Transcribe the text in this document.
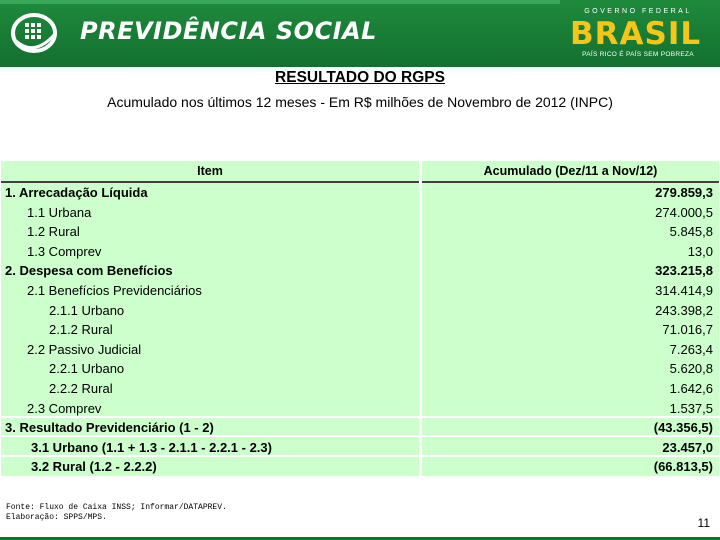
PREVIDÊNCIA SOCIAL
GOVERNO FEDERAL
BRASIL
PAÍS RICO É PAÍS SEM POBREZA
RESULTADO DO RGPS
Acumulado nos últimos 12 meses - Em R$ milhões de Novembro de 2012 (INPC)
Item	Acumulado (Dez/11 a Nov/12)
1. Arrecadação Líquida	279.859,3
1.1 Urbana	274.000,5
1.2 Rural	5.845,8
1.3 Comprev	13,0
2. Despesa com Benefícios	323.215,8
2.1 Benefícios Previdenciários	314.414,9
2.1.1 Urbano	243.398,2
2.1.2 Rural	71.016,7
2.2 Passivo Judicial	7.263,4
2.2.1 Urbano	5.620,8
2.2.2 Rural	1.642,6
2.3 Comprev	1.537,5
3. Resultado Previdenciário (1 - 2)	(43.356,5)
3.1 Urbano (1.1 + 1.3 - 2.1.1 - 2.2.1 - 2.3)	23.457,0
3.2 Rural (1.2 - 2.2.2)	(66.813,5)
Fonte: Fluxo de Caixa INSS; Informar/DATAPREV.
Elaboração: SPPS/MPS.	11
